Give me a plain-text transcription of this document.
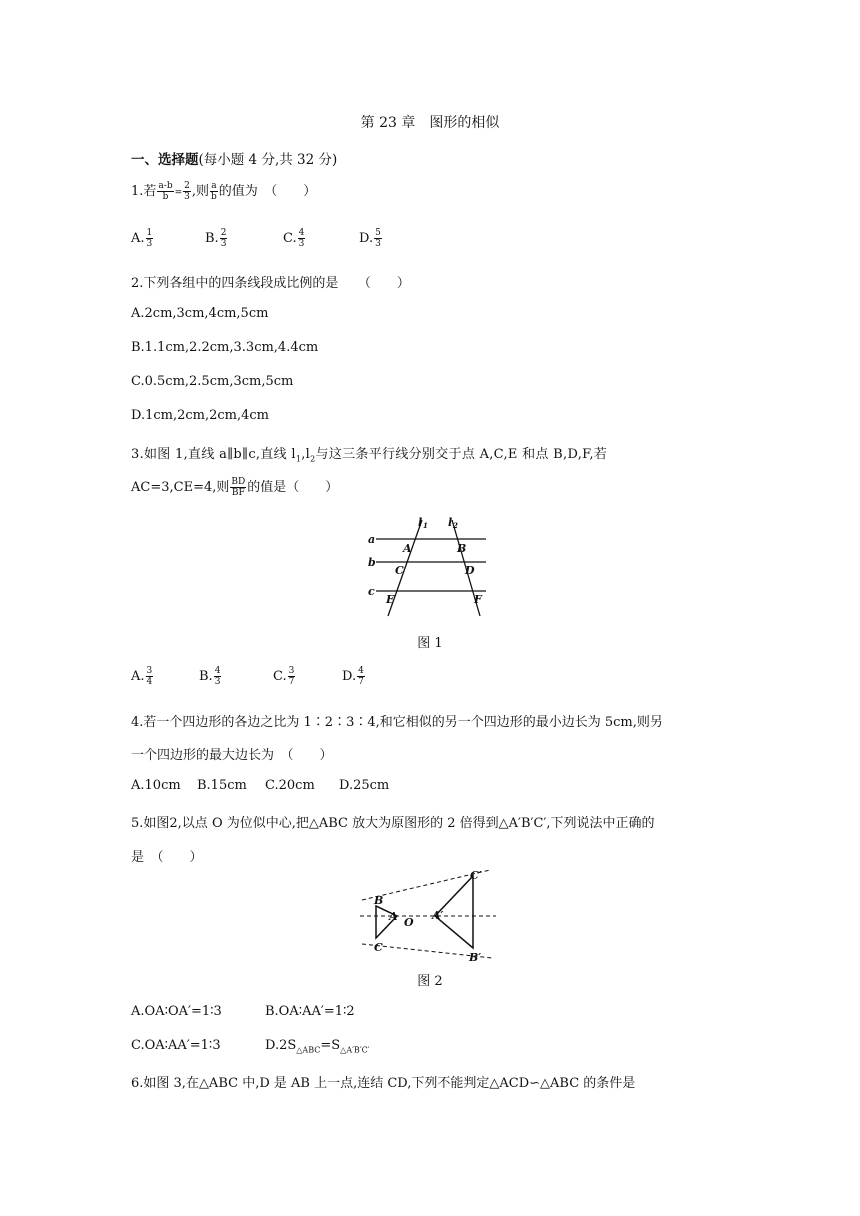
第 23 章　图形的相似
一、选择题(每小题 4 分,共 32 分)
1.若 $\frac{a-b}{b} = \frac{2}{3}$ ,则 $\frac{a}{b}$ 的值为　（　　）
A. $\frac{1}{3}$	B. $\frac{2}{3}$	C. $\frac{4}{3}$	D. $\frac{5}{3}$
2.下列各组中的四条线段成比例的是　　（　　）
A.2cm,3cm,4cm,5cm
B.1.1cm,2.2cm,3.3cm,4.4cm
C.0.5cm,2.5cm,3cm,5cm
D.1cm,2cm,2cm,4cm
3.如图 1,直线 a∥b∥c,直线 $l_1,l_2$与这三条平行线分别交于点 A,C,E 和点 B,D,F,若
AC=3,CE=4,则 $\frac{BD}{BF}$ 的值是（　　）
a
b
c
l 1 l 2
A	B
C	D
E	F
图 1
A. $\frac{3}{4}$	B. $\frac{4}{3}$	C. $\frac{3}{7}$	D. $\frac{4}{7}$
4.若一个四边形的各边之比为 1∶2∶3∶4,和它相似的另一个四边形的最小边长为 5cm,则另
一个四边形的最大边长为　（　　）
A.10cm B.15cm C.20cm D.25cm
5.如图2,以点 O 为位似中心,把△ABC 放大为原图形的 2 倍得到△A′B′C′,下列说法中正确的
是　（　　）
B
A
C
O
A′
B′
C′
图 2
A.OA∶OA′=1∶3	B.OA∶AA′=1∶2
C.OA∶AA′=1∶3	$D.2S_{\triangle ABC}=S_{\triangle A'B'C'}$
6.如图 3,在△ABC 中,D 是 AB 上一点,连结 CD,下列不能判定△ACD∽△ABC 的条件是
